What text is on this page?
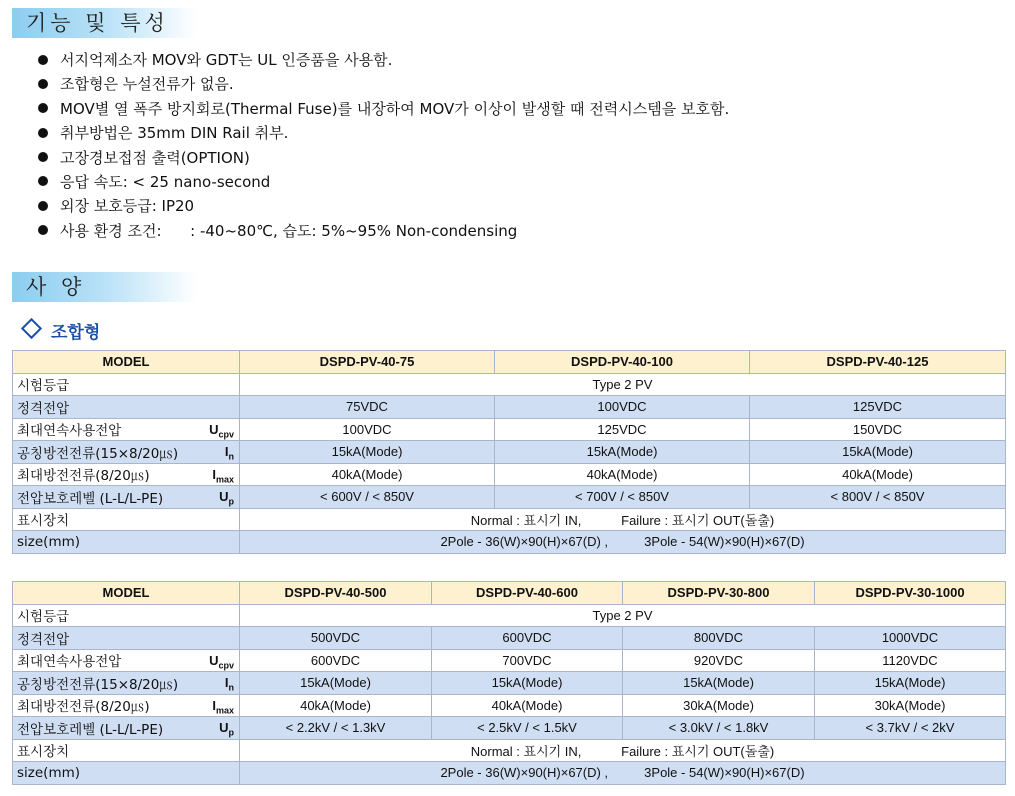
기능 및 특성
서지억제소자 MOV와 GDT는 UL 인증품을 사용함.
조합형은 누설전류가 없음.
MOV별 열 폭주 방지회로(Thermal Fuse)를 내장하여 MOV가 이상이 발생할 때 전력시스템을 보호함.
취부방법은 35mm DIN Rail 취부.
고장경보접점 출력(OPTION)
응답 속도: < 25 nano-second
외장 보호등급: IP20
사용 환경 조건:      : -40~80℃, 습도: 5%~95% Non-condensing
사 양
조합형
MODEL	DSPD-PV-40-75	DSPD-PV-40-100	DSPD-PV-40-125
시험등급	Type 2 PV		
정격전압	75VDC	100VDC	125VDC
최대연속사용전압 $U_{cpv}$	100VDC	125VDC	150VDC
공칭방전전류(15×8/20㎲) $I_n$	15kA(Mode)	15kA(Mode)	15kA(Mode)
최대방전전류(8/20㎲) $I_{max}$	40kA(Mode)	40kA(Mode)	40kA(Mode)
전압보호레벨 (L-L/L-PE) $U_p$	< 600V / < 850V	< 700V / < 850V	< 800V / < 850V
표시장치	Normal : 표시기 IN,           Failure : 표시기 OUT(돌출)		
size(mm)	2Pole - 36(W)×90(H)×67(D) ,          3Pole - 54(W)×90(H)×67(D)		
MODEL	DSPD-PV-40-500	DSPD-PV-40-600	DSPD-PV-30-800	DSPD-PV-30-1000
시험등급	Type 2 PV			
정격전압	500VDC	600VDC	800VDC	1000VDC
최대연속사용전압 $U_{cpv}$	600VDC	700VDC	920VDC	1120VDC
공칭방전전류(15×8/20㎲) $I_n$	15kA(Mode)	15kA(Mode)	15kA(Mode)	15kA(Mode)
최대방전전류(8/20㎲) $I_{max}$	40kA(Mode)	40kA(Mode)	30kA(Mode)	30kA(Mode)
전압보호레벨 (L-L/L-PE) $U_p$	< 2.2kV / < 1.3kV	< 2.5kV / < 1.5kV	< 3.0kV / < 1.8kV	< 3.7kV / < 2kV
표시장치	Normal : 표시기 IN,           Failure : 표시기 OUT(돌출)			
size(mm)	2Pole - 36(W)×90(H)×67(D) ,          3Pole - 54(W)×90(H)×67(D)			
